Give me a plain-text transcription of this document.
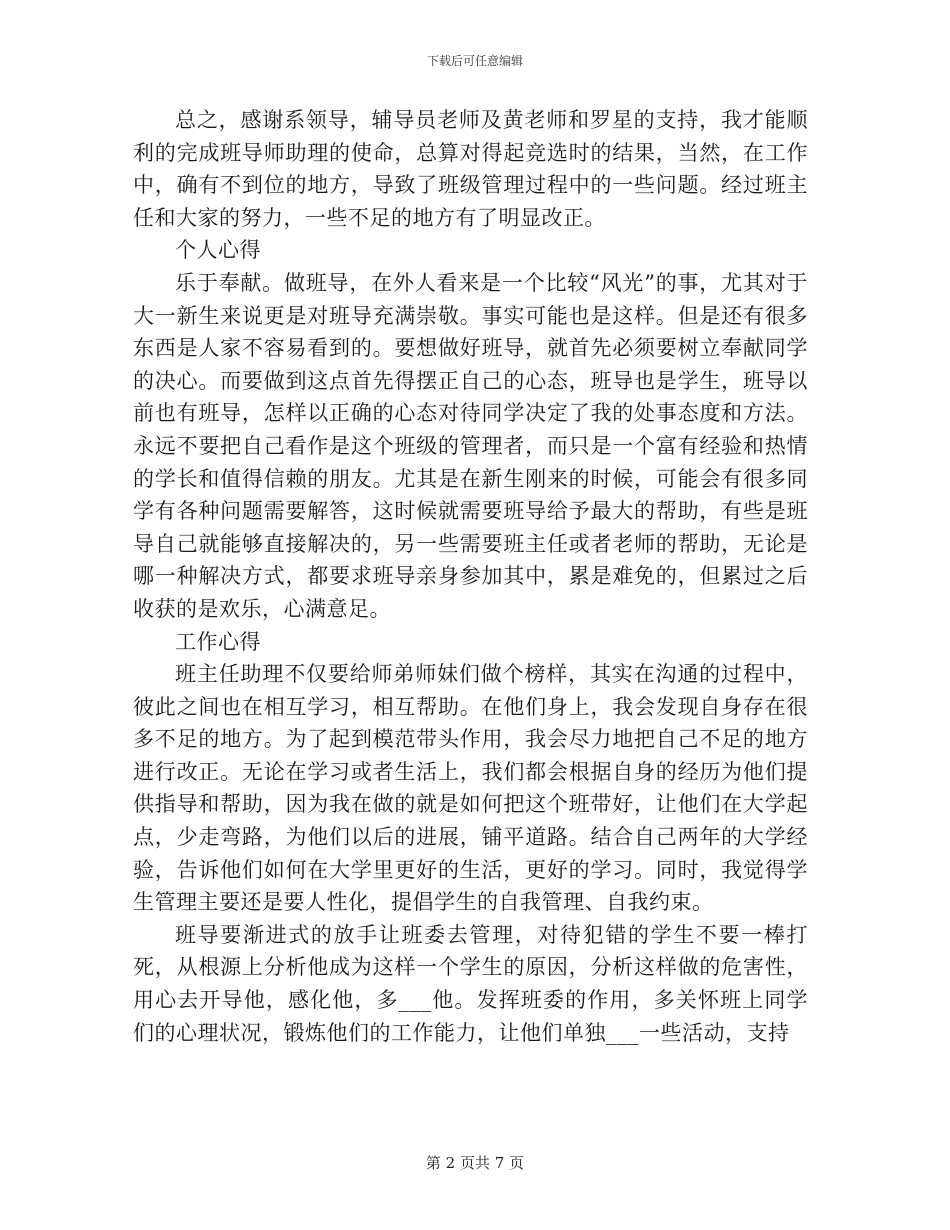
下载后可任意编辑

总之，感谢系领导，辅导员老师及黄老师和罗星的支持，我才能顺利的完成班导师助理的使命，总算对得起竞选时的结果，当然，在工作中，确有不到位的地方，导致了班级管理过程中的一些问题。经过班主任和大家的努力，一些不足的地方有了明显改正。

个人心得

乐于奉献。做班导，在外人看来是一个比较“风光”的事，尤其对于大一新生来说更是对班导充满崇敬。事实可能也是这样。但是还有很多东西是人家不容易看到的。要想做好班导，就首先必须要树立奉献同学的决心。而要做到这点首先得摆正自己的心态，班导也是学生，班导以前也有班导，怎样以正确的心态对待同学决定了我的处事态度和方法。永远不要把自己看作是这个班级的管理者，而只是一个富有经验和热情的学长和值得信赖的朋友。尤其是在新生刚来的时候，可能会有很多同学有各种问题需要解答，这时候就需要班导给予最大的帮助，有些是班导自己就能够直接解决的，另一些需要班主任或者老师的帮助，无论是哪一种解决方式，都要求班导亲身参加其中，累是难免的，但累过之后收获的是欢乐，心满意足。

工作心得

班主任助理不仅要给师弟师妹们做个榜样，其实在沟通的过程中，彼此之间也在相互学习，相互帮助。在他们身上，我会发现自身存在很多不足的地方。为了起到模范带头作用，我会尽力地把自己不足的地方进行改正。无论在学习或者生活上，我们都会根据自身的经历为他们提供指导和帮助，因为我在做的就是如何把这个班带好，让他们在大学起点，少走弯路，为他们以后的进展，铺平道路。结合自己两年的大学经验，告诉他们如何在大学里更好的生活，更好的学习。同时，我觉得学生管理主要还是要人性化，提倡学生的自我管理、自我约束。

班导要渐进式的放手让班委去管理，对待犯错的学生不要一棒打死，从根源上分析他成为这样一个学生的原因，分析这样做的危害性，用心去开导他，感化他，多___他。发挥班委的作用，多关怀班上同学们的心理状况，锻炼他们的工作能力，让他们单独___一些活动，支持

第 2 页共 7 页
